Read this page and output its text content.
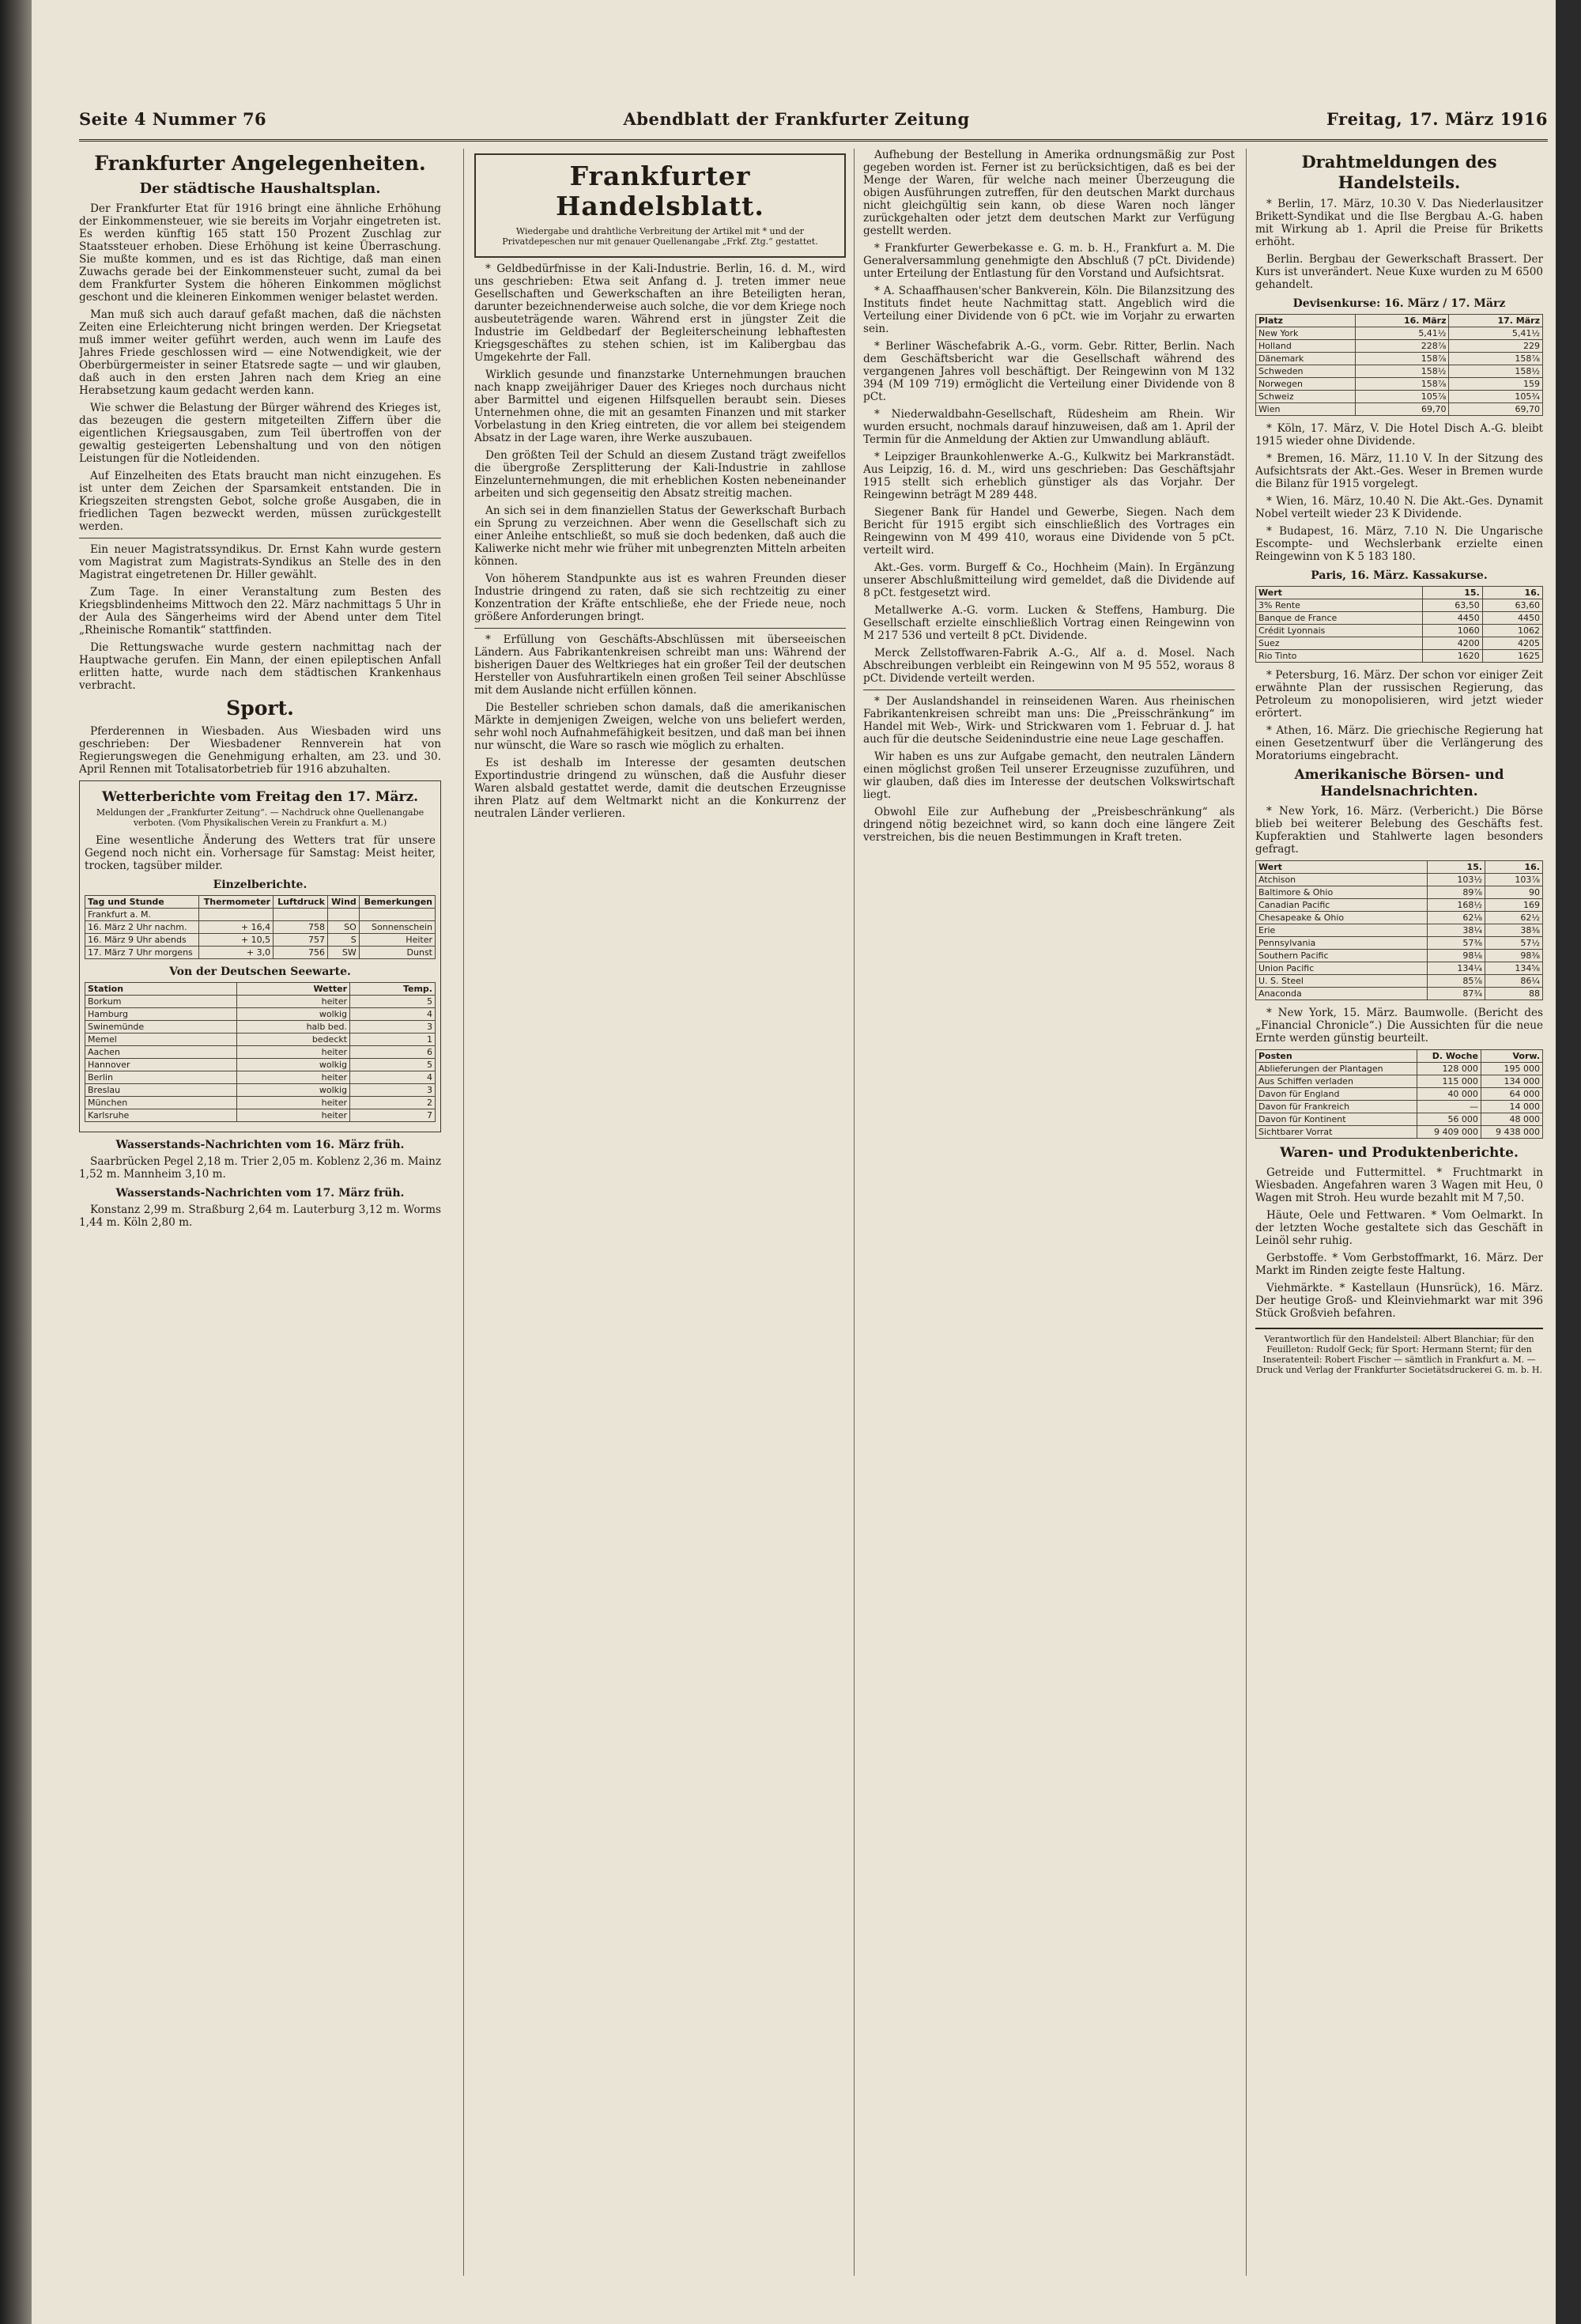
Seite 4 Nummer 76	Abendblatt der Frankfurter Zeitung	Freitag, 17. März 1916
Frankfurter Angelegenheiten.
Der städtische Haushaltsplan.

Der Frankfurter Etat für 1916 bringt eine ähnliche Erhöhung der Einkommensteuer, wie sie bereits im Vorjahr eingetreten ist. Es werden künftig 165 statt 150 Prozent Zuschlag zur Staatssteuer erhoben. Diese Erhöhung ist keine Überraschung. Sie mußte kommen, und es ist das Richtige, daß man einen Zuwachs gerade bei der Einkommensteuer sucht, zumal da bei dem Frankfurter System die höheren Einkommen möglichst geschont und die kleineren Einkommen weniger belastet werden.

Man muß sich auch darauf gefaßt machen, daß die nächsten Zeiten eine Erleichterung nicht bringen werden. Der Kriegsetat muß immer weiter geführt werden, auch wenn im Laufe des Jahres Friede geschlossen wird — eine Notwendigkeit, wie der Oberbürgermeister in seiner Etatsrede sagte — und wir glauben, daß auch in den ersten Jahren nach dem Krieg an eine Herabsetzung kaum gedacht werden kann.

Wie schwer die Belastung der Bürger während des Krieges ist, das bezeugen die gestern mitgeteilten Ziffern über die eigentlichen Kriegsausgaben, zum Teil übertroffen von der gewaltig gesteigerten Lebenshaltung und von den nötigen Leistungen für die Notleidenden.

Auf Einzelheiten des Etats braucht man nicht einzugehen. Es ist unter dem Zeichen der Sparsamkeit entstanden. Die in Kriegszeiten strengsten Gebot, solche große Ausgaben, die in friedlichen Tagen bezweckt werden, müssen zurückgestellt werden.

Ein neuer Magistratssyndikus. Dr. Ernst Kahn wurde gestern vom Magistrat zum Magistrats-Syndikus an Stelle des in den Magistrat eingetretenen Dr. Hiller gewählt.

Zum Tage. In einer Veranstaltung zum Besten des Kriegsblindenheims Mittwoch den 22. März nachmittags 5 Uhr in der Aula des Sängerheims wird der Abend unter dem Titel „Rheinische Romantik“ stattfinden.

Die Rettungswache wurde gestern nachmittag nach der Hauptwache gerufen. Ein Mann, der einen epileptischen Anfall erlitten hatte, wurde nach dem städtischen Krankenhaus verbracht.

Sport.

Pferderennen in Wiesbaden. Aus Wiesbaden wird uns geschrieben: Der Wiesbadener Rennverein hat von Regierungswegen die Genehmigung erhalten, am 23. und 30. April Rennen mit Totalisatorbetrieb für 1916 abzuhalten.

Wetterberichte vom Freitag den 17. März.
Meldungen der „Frankfurter Zeitung“. — Nachdruck ohne Quellenangabe verboten. (Vom Physikalischen Verein zu Frankfurt a. M.)

Eine wesentliche Änderung des Wetters trat für unsere Gegend noch nicht ein. Vorhersage für Samstag: Meist heiter, trocken, tagsüber milder.

Einzelberichte.
Tag und Stunde	Thermometer	Luftdruck	Wind	Bemerkungen
Frankfurt a. M.				
16. März 2 Uhr nachm.	+ 16,4	758	SO	Sonnenschein
16. März 9 Uhr abends	+ 10,5	757	S	Heiter
17. März 7 Uhr morgens	+ 3,0	756	SW	Dunst
Von der Deutschen Seewarte.
Station	Wetter	Temp.
Borkum	heiter	5
Hamburg	wolkig	4
Swinemünde	halb bed.	3
Memel	bedeckt	1
Aachen	heiter	6
Hannover	wolkig	5
Berlin	heiter	4
Breslau	wolkig	3
München	heiter	2
Karlsruhe	heiter	7
Wasserstands-Nachrichten vom 16. März früh.

Saarbrücken Pegel 2,18 m. Trier 2,05 m. Koblenz 2,36 m. Mainz 1,52 m. Mannheim 3,10 m.

Wasserstands-Nachrichten vom 17. März früh.

Konstanz 2,99 m. Straßburg 2,64 m. Lauterburg 3,12 m. Worms 1,44 m. Köln 2,80 m.

Frankfurter Handelsblatt.
Wiedergabe und drahtliche Verbreitung der Artikel mit * und der Privatdepeschen nur mit genauer Quellenangabe „Frkf. Ztg.“ gestattet.

* Geldbedürfnisse in der Kali-Industrie. Berlin, 16. d. M., wird uns geschrieben: Etwa seit Anfang d. J. treten immer neue Gesellschaften und Gewerkschaften an ihre Beteiligten heran, darunter bezeichnenderweise auch solche, die vor dem Kriege noch ausbeuteträgende waren. Während erst in jüngster Zeit die Industrie im Geldbedarf der Begleiterscheinung lebhaftesten Kriegsgeschäftes zu stehen schien, ist im Kalibergbau das Umgekehrte der Fall.

Wirklich gesunde und finanzstarke Unternehmungen brauchen nach knapp zweijähriger Dauer des Krieges noch durchaus nicht aber Barmittel und eigenen Hilfsquellen beraubt sein. Dieses Unternehmen ohne, die mit an gesamten Finanzen und mit starker Vorbelastung in den Krieg eintreten, die vor allem bei steigendem Absatz in der Lage waren, ihre Werke auszubauen.

Den größten Teil der Schuld an diesem Zustand trägt zweifellos die übergroße Zersplitterung der Kali-Industrie in zahllose Einzelunternehmungen, die mit erheblichen Kosten nebeneinander arbeiten und sich gegenseitig den Absatz streitig machen.

An sich sei in dem finanziellen Status der Gewerkschaft Burbach ein Sprung zu verzeichnen. Aber wenn die Gesellschaft sich zu einer Anleihe entschließt, so muß sie doch bedenken, daß auch die Kaliwerke nicht mehr wie früher mit unbegrenzten Mitteln arbeiten können.

Von höherem Standpunkte aus ist es wahren Freunden dieser Industrie dringend zu raten, daß sie sich rechtzeitig zu einer Konzentration der Kräfte entschließe, ehe der Friede neue, noch größere Anforderungen bringt.

* Erfüllung von Geschäfts-Abschlüssen mit überseeischen Ländern. Aus Fabrikantenkreisen schreibt man uns: Während der bisherigen Dauer des Weltkrieges hat ein großer Teil der deutschen Hersteller von Ausfuhrartikeln einen großen Teil seiner Abschlüsse mit dem Auslande nicht erfüllen können.

Die Besteller schrieben schon damals, daß die amerikanischen Märkte in demjenigen Zweigen, welche von uns beliefert werden, sehr wohl noch Aufnahmefähigkeit besitzen, und daß man bei ihnen nur wünscht, die Ware so rasch wie möglich zu erhalten.

Es ist deshalb im Interesse der gesamten deutschen Exportindustrie dringend zu wünschen, daß die Ausfuhr dieser Waren alsbald gestattet werde, damit die deutschen Erzeugnisse ihren Platz auf dem Weltmarkt nicht an die Konkurrenz der neutralen Länder verlieren.

Aufhebung der Bestellung in Amerika ordnungsmäßig zur Post gegeben worden ist. Ferner ist zu berücksichtigen, daß es bei der Menge der Waren, für welche nach meiner Überzeugung die obigen Ausführungen zutreffen, für den deutschen Markt durchaus nicht gleichgültig sein kann, ob diese Waren noch länger zurückgehalten oder jetzt dem deutschen Markt zur Verfügung gestellt werden.

* Frankfurter Gewerbekasse e. G. m. b. H., Frankfurt a. M. Die Generalversammlung genehmigte den Abschluß (7 pCt. Dividende) unter Erteilung der Entlastung für den Vorstand und Aufsichtsrat.

* A. Schaaffhausen'scher Bankverein, Köln. Die Bilanzsitzung des Instituts findet heute Nachmittag statt. Angeblich wird die Verteilung einer Dividende von 6 pCt. wie im Vorjahr zu erwarten sein.

* Berliner Wäschefabrik A.-G., vorm. Gebr. Ritter, Berlin. Nach dem Geschäftsbericht war die Gesellschaft während des vergangenen Jahres voll beschäftigt. Der Reingewinn von M 132 394 (M 109 719) ermöglicht die Verteilung einer Dividende von 8 pCt.

* Niederwaldbahn-Gesellschaft, Rüdesheim am Rhein. Wir wurden ersucht, nochmals darauf hinzuweisen, daß am 1. April der Termin für die Anmeldung der Aktien zur Umwandlung abläuft.

* Leipziger Braunkohlenwerke A.-G., Kulkwitz bei Markranstädt. Aus Leipzig, 16. d. M., wird uns geschrieben: Das Geschäftsjahr 1915 stellt sich erheblich günstiger als das Vorjahr. Der Reingewinn beträgt M 289 448.

Siegener Bank für Handel und Gewerbe, Siegen. Nach dem Bericht für 1915 ergibt sich einschließlich des Vortrages ein Reingewinn von M 499 410, woraus eine Dividende von 5 pCt. verteilt wird.

Akt.-Ges. vorm. Burgeff & Co., Hochheim (Main). In Ergänzung unserer Abschlußmitteilung wird gemeldet, daß die Dividende auf 8 pCt. festgesetzt wird.

Metallwerke A.-G. vorm. Lucken & Steffens, Hamburg. Die Gesellschaft erzielte einschließlich Vortrag einen Reingewinn von M 217 536 und verteilt 8 pCt. Dividende.

Merck Zellstoffwaren-Fabrik A.-G., Alf a. d. Mosel. Nach Abschreibungen verbleibt ein Reingewinn von M 95 552, woraus 8 pCt. Dividende verteilt werden.

* Der Auslandshandel in reinseidenen Waren. Aus rheinischen Fabrikantenkreisen schreibt man uns: Die „Preisschränkung“ im Handel mit Web-, Wirk- und Strickwaren vom 1. Februar d. J. hat auch für die deutsche Seidenindustrie eine neue Lage geschaffen.

Wir haben es uns zur Aufgabe gemacht, den neutralen Ländern einen möglichst großen Teil unserer Erzeugnisse zuzuführen, und wir glauben, daß dies im Interesse der deutschen Volkswirtschaft liegt.

Obwohl Eile zur Aufhebung der „Preisbeschränkung“ als dringend nötig bezeichnet wird, so kann doch eine längere Zeit verstreichen, bis die neuen Bestimmungen in Kraft treten.

Drahtmeldungen des Handelsteils.

* Berlin, 17. März, 10.30 V. Das Niederlausitzer Brikett-Syndikat und die Ilse Bergbau A.-G. haben mit Wirkung ab 1. April die Preise für Briketts erhöht.

Berlin. Bergbau der Gewerkschaft Brassert. Der Kurs ist unverändert. Neue Kuxe wurden zu M 6500 gehandelt.

Devisenkurse: 16. März / 17. März
Platz	16. März	17. März
New York	5,41½	5,41½
Holland	228⅞	229
Dänemark	158⅞	158⅞
Schweden	158½	158½
Norwegen	158⅞	159
Schweiz	105⅞	105¾
Wien	69,70	69,70

* Köln, 17. März, V. Die Hotel Disch A.-G. bleibt 1915 wieder ohne Dividende.

* Bremen, 16. März, 11.10 V. In der Sitzung des Aufsichtsrats der Akt.-Ges. Weser in Bremen wurde die Bilanz für 1915 vorgelegt.

* Wien, 16. März, 10.40 N. Die Akt.-Ges. Dynamit Nobel verteilt wieder 23 K Dividende.

* Budapest, 16. März, 7.10 N. Die Ungarische Escompte- und Wechslerbank erzielte einen Reingewinn von K 5 183 180.

Paris, 16. März. Kassakurse.
Wert	15.	16.
3% Rente	63,50	63,60
Banque de France	4450	4450
Crédit Lyonnais	1060	1062
Suez	4200	4205
Rio Tinto	1620	1625

* Petersburg, 16. März. Der schon vor einiger Zeit erwähnte Plan der russischen Regierung, das Petroleum zu monopolisieren, wird jetzt wieder erörtert.

* Athen, 16. März. Die griechische Regierung hat einen Gesetzentwurf über die Verlängerung des Moratoriums eingebracht.

Amerikanische Börsen- und Handelsnachrichten.

* New York, 16. März. (Verbericht.) Die Börse blieb bei weiterer Belebung des Geschäfts fest. Kupferaktien und Stahlwerte lagen besonders gefragt.

Wert	15.	16.
Atchison	103½	103⅞
Baltimore & Ohio	89⅞	90
Canadian Pacific	168½	169
Chesapeake & Ohio	62⅛	62½
Erie	38¼	38⅜
Pennsylvania	57⅜	57½
Southern Pacific	98⅛	98⅜
Union Pacific	134¼	134⅝
U. S. Steel	85⅞	86¼
Anaconda	87¾	88

* New York, 15. März. Baumwolle. (Bericht des „Financial Chronicle“.) Die Aussichten für die neue Ernte werden günstig beurteilt.

Posten	D. Woche	Vorw.
Ablieferungen der Plantagen	128 000	195 000
Aus Schiffen verladen	115 000	134 000
Davon für England	40 000	64 000
Davon für Frankreich	—	14 000
Davon für Kontinent	56 000	48 000
Sichtbarer Vorrat	9 409 000	9 438 000
Waren- und Produktenberichte.

Getreide und Futtermittel. * Fruchtmarkt in Wiesbaden. Angefahren waren 3 Wagen mit Heu, 0 Wagen mit Stroh. Heu wurde bezahlt mit M 7,50.

Häute, Oele und Fettwaren. * Vom Oelmarkt. In der letzten Woche gestaltete sich das Geschäft in Leinöl sehr ruhig.

Gerbstoffe. * Vom Gerbstoffmarkt, 16. März. Der Markt im Rinden zeigte feste Haltung.

Viehmärkte. * Kastellaun (Hunsrück), 16. März. Der heutige Groß- und Kleinviehmarkt war mit 396 Stück Großvieh befahren.

Verantwortlich für den Handelsteil: Albert Blanchiar; für den Feuilleton: Rudolf Geck; für Sport: Hermann Sternt; für den Inseratenteil: Robert Fischer — sämtlich in Frankfurt a. M. — Druck und Verlag der Frankfurter Societätsdruckerei G. m. b. H.
